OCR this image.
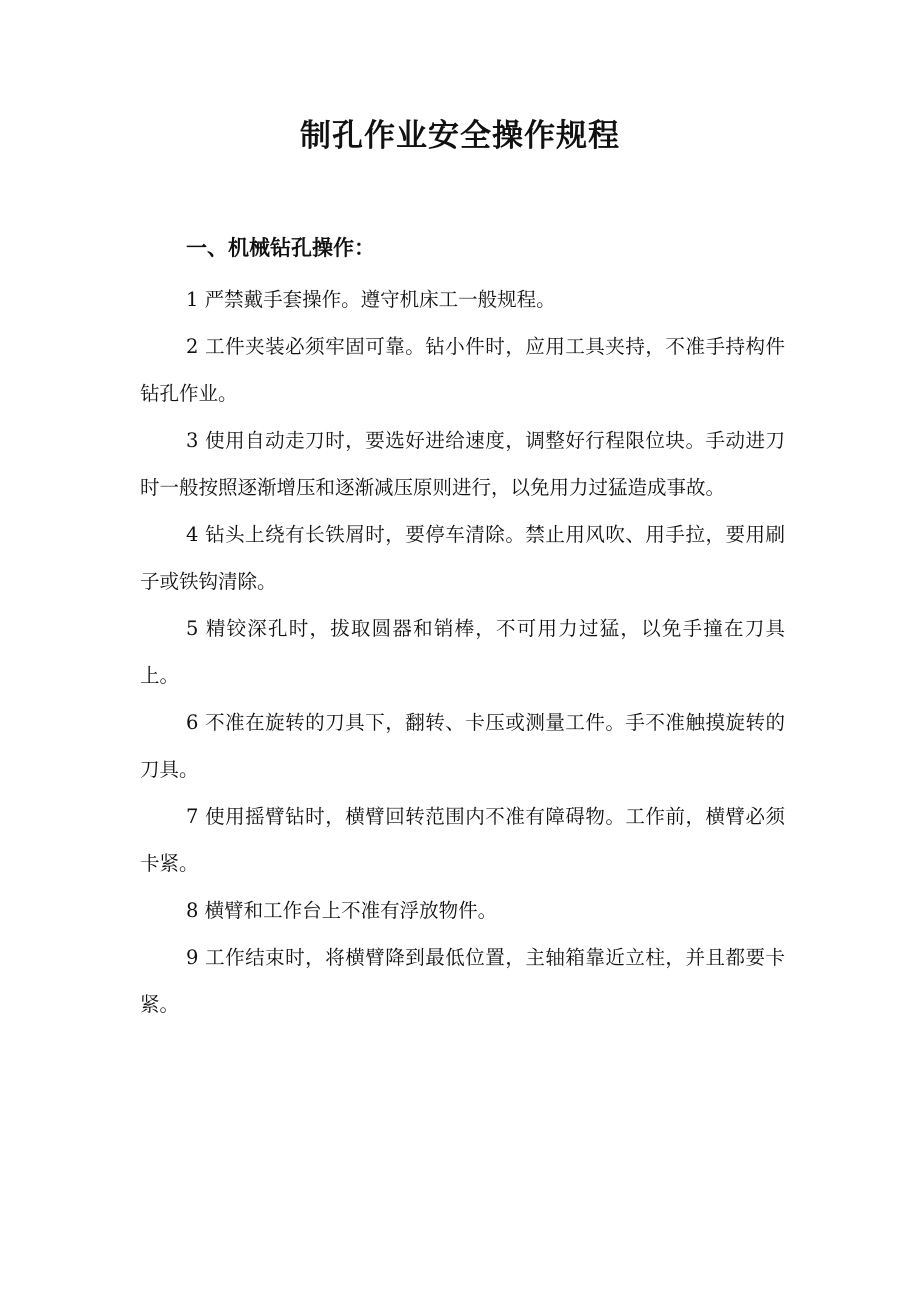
制孔作业安全操作规程
一、机械钻孔操作：

1 严禁戴手套操作。遵守机床工一般规程。

2 工件夹装必须牢固可靠。钻小件时，应用工具夹持，不准手持构件钻孔作业。

3 使用自动走刀时，要选好进给速度，调整好行程限位块。手动进刀时一般按照逐渐增压和逐渐减压原则进行，以免用力过猛造成事故。

4 钻头上绕有长铁屑时，要停车清除。禁止用风吹、用手拉，要用刷子或铁钩清除。

5 精铰深孔时，拔取圆器和销棒，不可用力过猛，以免手撞在刀具上。

6 不准在旋转的刀具下，翻转、卡压或测量工件。手不准触摸旋转的刀具。

7 使用摇臂钻时，横臂回转范围内不准有障碍物。工作前，横臂必须卡紧。

8 横臂和工作台上不准有浮放物件。

9 工作结束时，将横臂降到最低位置，主轴箱靠近立柱，并且都要卡紧。
